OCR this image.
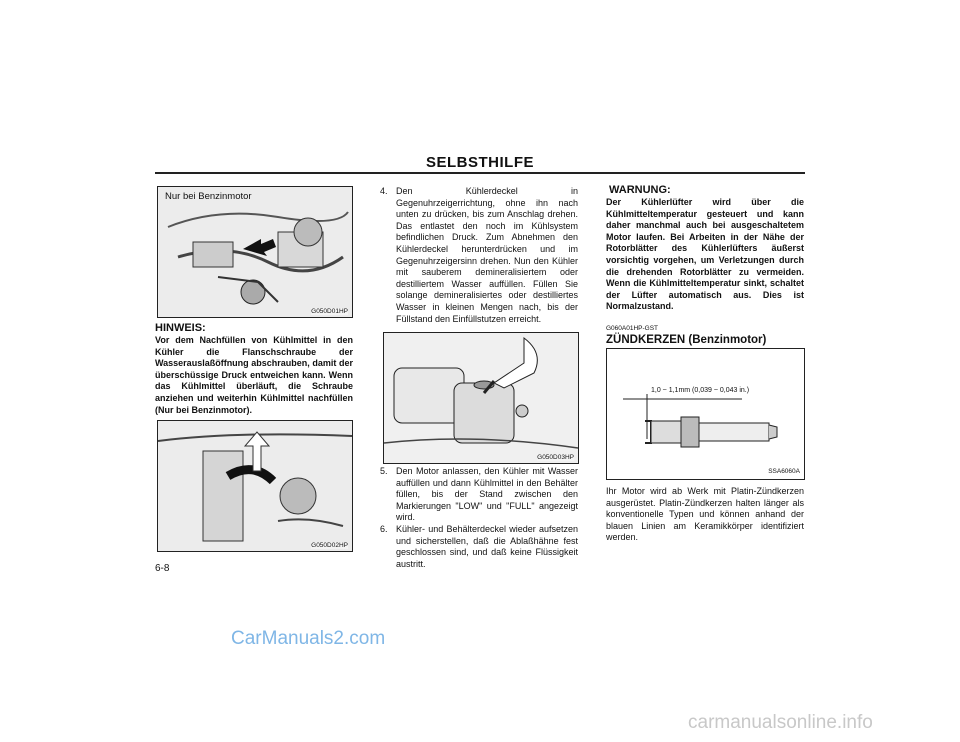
SELBSTHILFE
Nur bei Benzinmotor
G050D01HP
HINWEIS:
Vor dem Nachfüllen von Kühlmittel in den Kühler die Flanschschraube der Wasserauslaßöffnung abschrauben, damit der überschüssige Druck entweichen kann. Wenn das Kühlmittel überläuft, die Schraube anziehen und weiterhin Kühlmittel nachfüllen (Nur bei Benzinmotor).
G050D02HP
6-8
4. Den Kühlerdeckel in Gegenuhrzeigerrichtung, ohne ihn nach unten zu drücken, bis zum Anschlag drehen. Das entlastet den noch im Kühlsystem befindlichen Druck. Zum Abnehmen den Kühlerdeckel herunterdrücken und im Gegenuhrzeigersinn drehen. Nun den Kühler mit sauberem demineralisiertem oder destilliertem Wasser auffüllen. Füllen Sie solange demineralisiertes oder destilliertes Wasser in kleinen Mengen nach, bis der Füllstand den Einfüllstutzen erreicht.
G050D03HP
5. Den Motor anlassen, den Kühler mit Wasser auffüllen und dann Kühlmittel in den Behälter füllen, bis der Stand zwischen den Markierungen "LOW" und "FULL" angezeigt wird.
6. Kühler- und Behälterdeckel wieder aufsetzen und sicherstellen, daß die Ablaßhähne fest geschlossen sind, und daß keine Flüssigkeit austritt.
WARNUNG:
Der Kühlerlüfter wird über die Kühlmitteltemperatur gesteuert und kann daher manchmal auch bei ausgeschaltetem Motor laufen. Bei Arbeiten in der Nähe der Rotorblätter des Kühlerlüfters äußerst vorsichtig vorgehen, um Verletzungen durch die drehenden Rotorblätter zu vermeiden. Wenn die Kühlmitteltemperatur sinkt, schaltet der Lüfter automatisch aus. Dies ist Normalzustand.
G060A01HP-GST
ZÜNDKERZEN (Benzinmotor)
1,0 ~ 1,1mm (0,039 ~ 0,043 in.)
SSA6060A
Ihr Motor wird ab Werk mit Platin-Zündkerzen ausgerüstet. Platin-Zündkerzen halten länger als konventionelle Typen und können anhand der blauen Linien am Keramikkörper identifiziert werden.
CarManuals2.com
carmanualsonline.info
